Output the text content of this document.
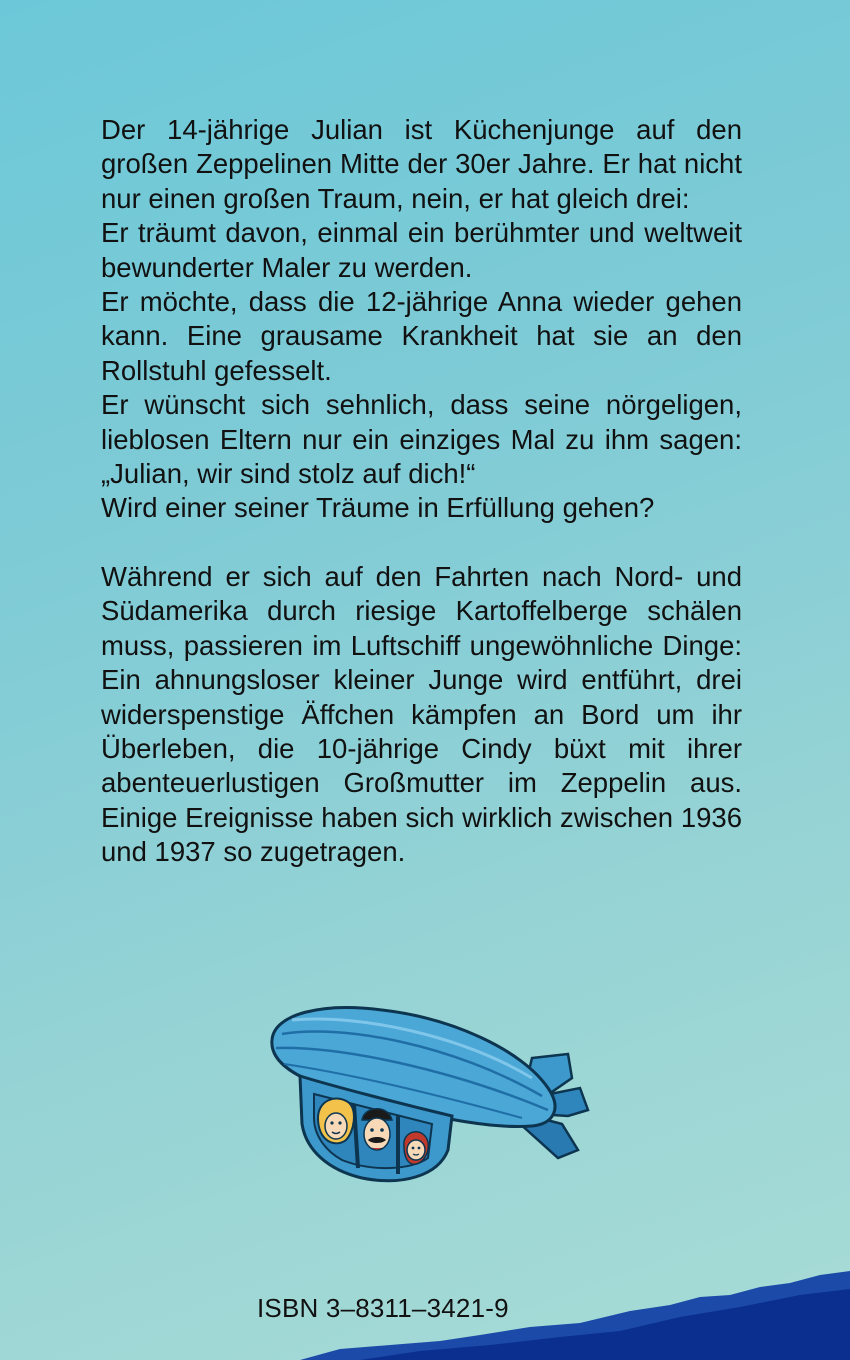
Der 14-jährige Julian ist Küchenjunge auf den großen Zeppelinen Mitte der 30er Jahre. Er hat nicht nur einen großen Traum, nein, er hat gleich drei:

Er träumt davon, einmal ein berühmter und weltweit bewunderter Maler zu werden.

Er möchte, dass die 12-jährige Anna wieder gehen kann. Eine grausame Krankheit hat sie an den Rollstuhl gefesselt.

Er wünscht sich sehnlich, dass seine nörgeligen, lieblosen Eltern nur ein einziges Mal zu ihm sagen: „Julian, wir sind stolz auf dich!“

Wird einer seiner Träume in Erfüllung gehen?

Während er sich auf den Fahrten nach Nord- und Südamerika durch riesige Kartoffelberge schälen muss, passieren im Luftschiff ungewöhnliche Dinge: Ein ahnungsloser kleiner Junge wird entführt, drei widerspenstige Äffchen kämpfen an Bord um ihr Überleben, die 10-jährige Cindy büxt mit ihrer abenteuerlustigen Großmutter im Zeppelin aus. Einige Ereignisse haben sich wirklich zwischen 1936 und 1937 so zugetragen.

ISBN 3–8311–3421-9
